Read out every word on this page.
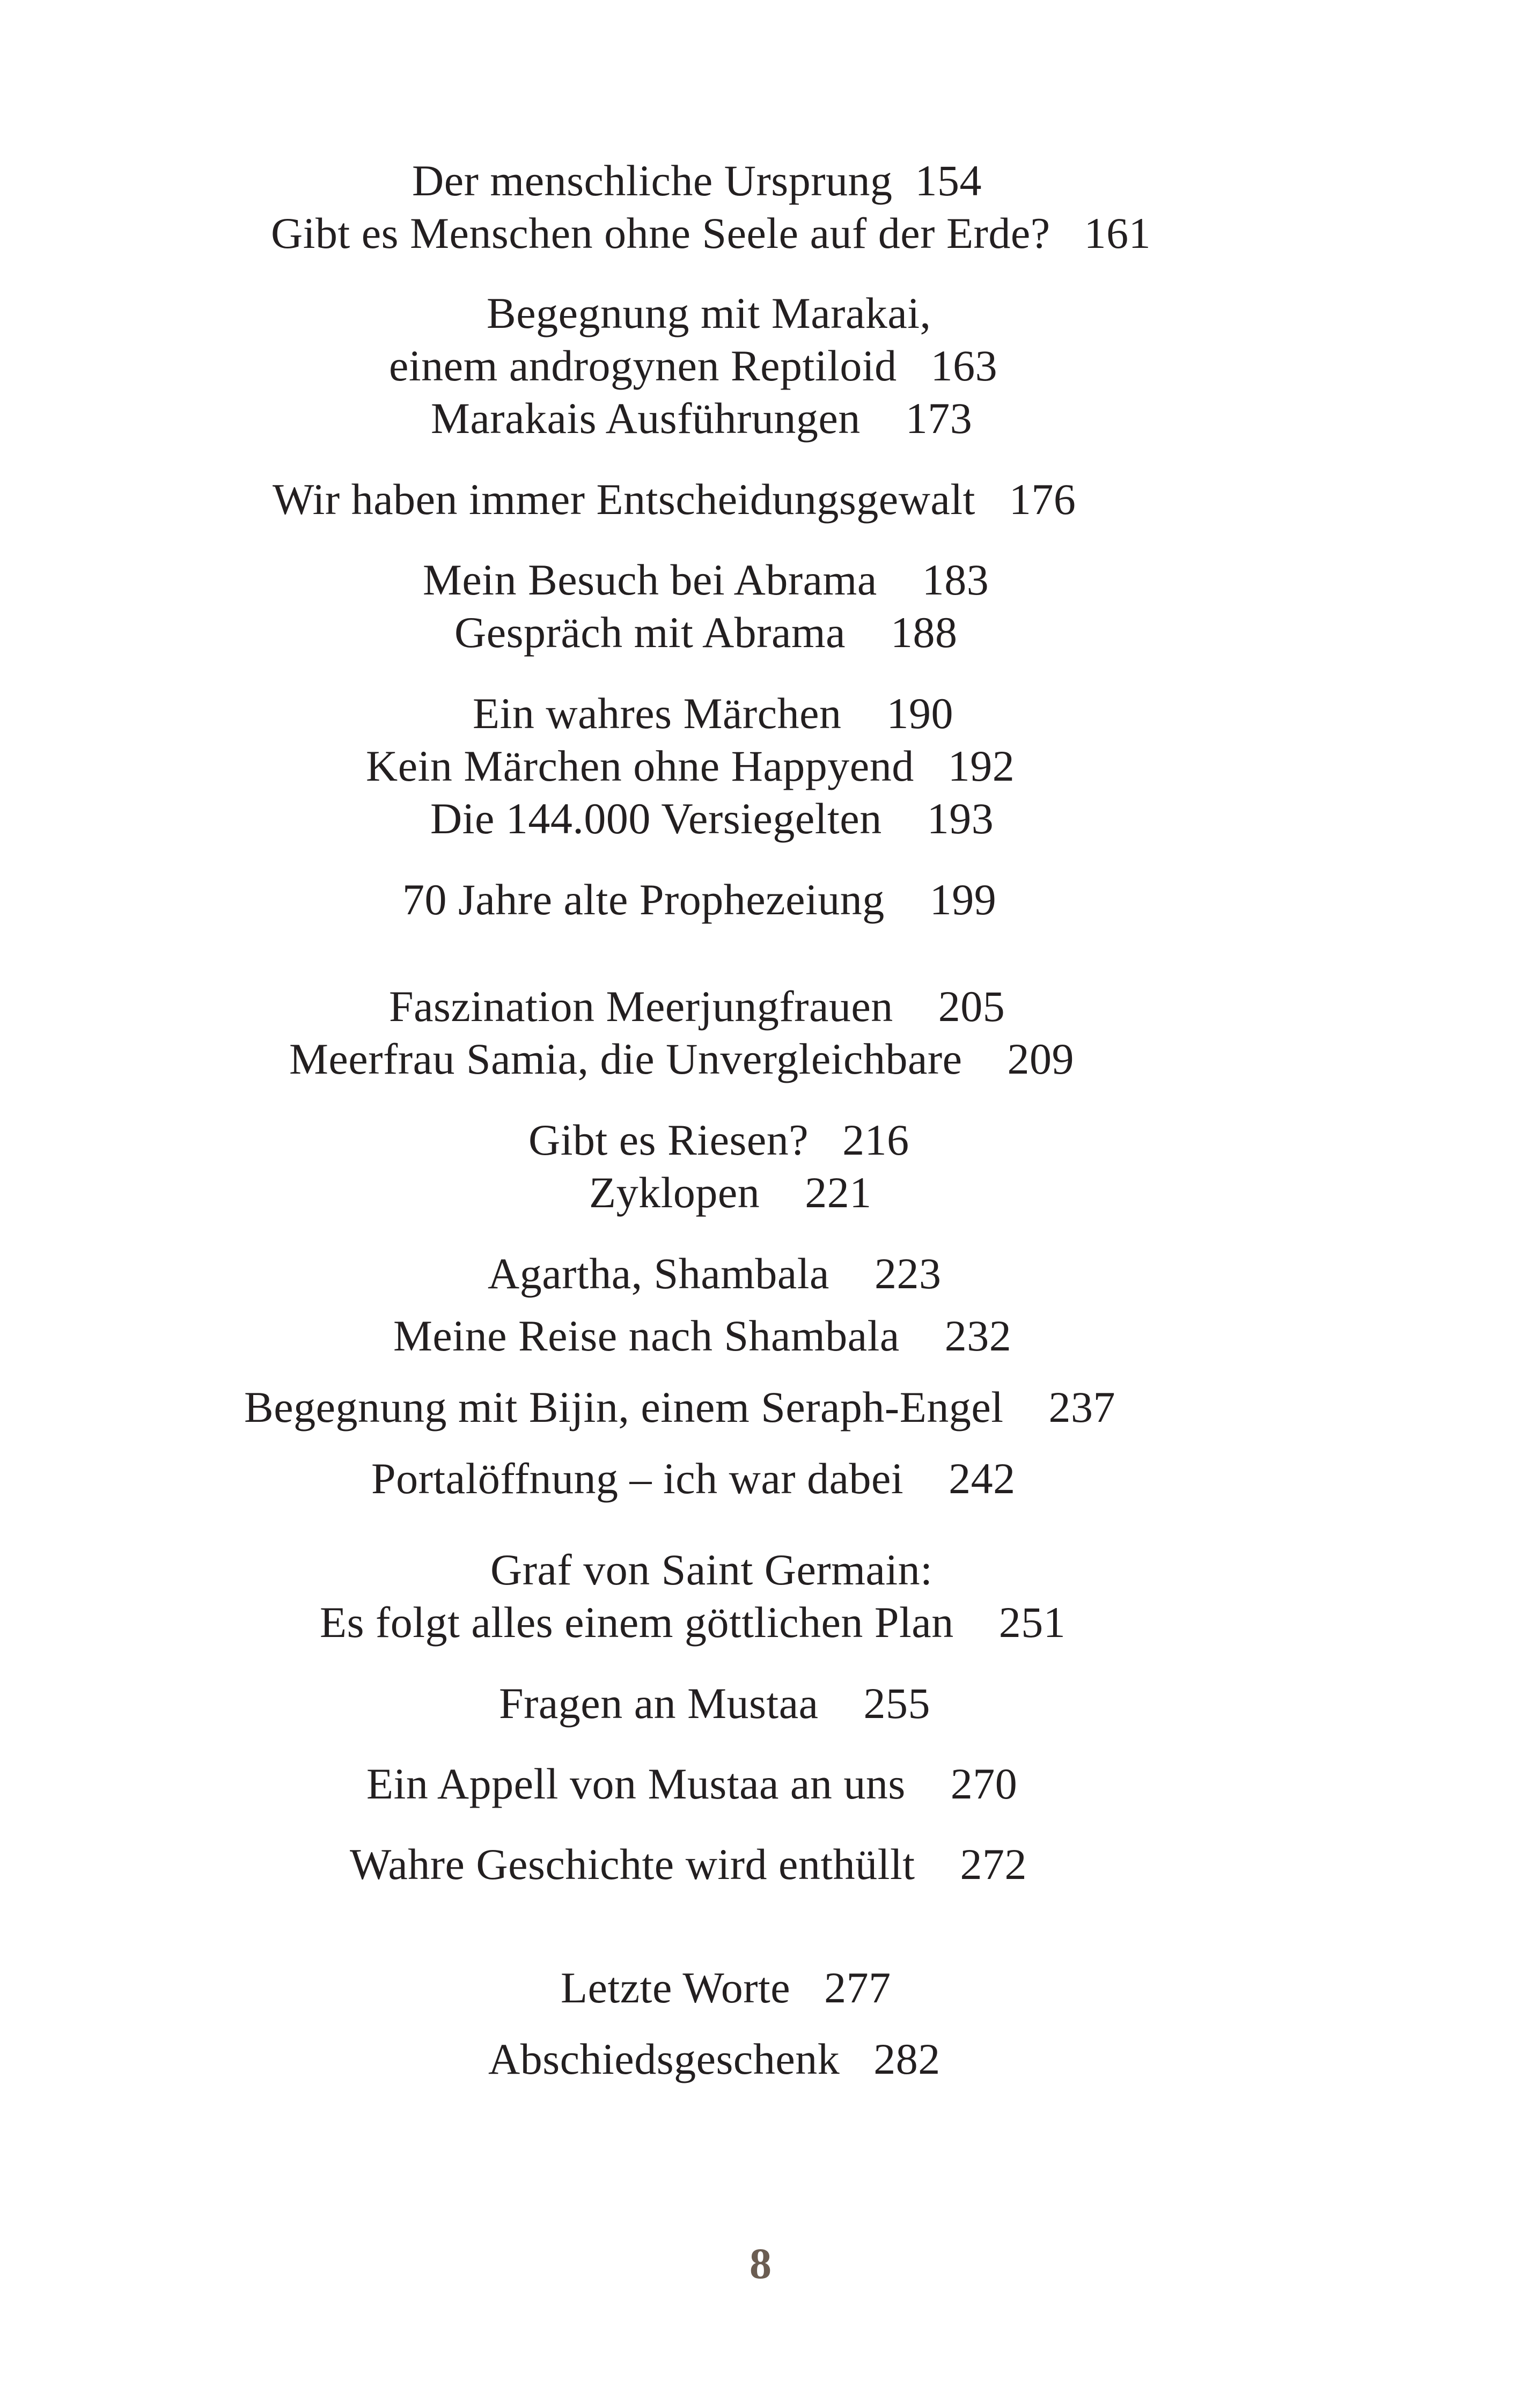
Der menschliche Ursprung  154
Gibt es Menschen ohne Seele auf der Erde?   161
Begegnung mit Marakai,
einem androgynen Reptiloid   163
Marakais Ausführungen    173
Wir haben immer Entscheidungsgewalt   176
Mein Besuch bei Abrama    183
Gespräch mit Abrama    188
Ein wahres Märchen    190
Kein Märchen ohne Happyend   192
Die 144.000 Versiegelten    193
70 Jahre alte Prophezeiung    199
Faszination Meerjungfrauen    205
Meerfrau Samia, die Unvergleichbare    209
Gibt es Riesen?   216
Zyklopen    221
Agartha, Shambala    223
Meine Reise nach Shambala    232
Begegnung mit Bijin, einem Seraph-Engel    237
Portalöffnung – ich war dabei    242
Graf von Saint Germain:
Es folgt alles einem göttlichen Plan    251
Fragen an Mustaa    255
Ein Appell von Mustaa an uns    270
Wahre Geschichte wird enthüllt    272
Letzte Worte   277
Abschiedsgeschenk   282
8
